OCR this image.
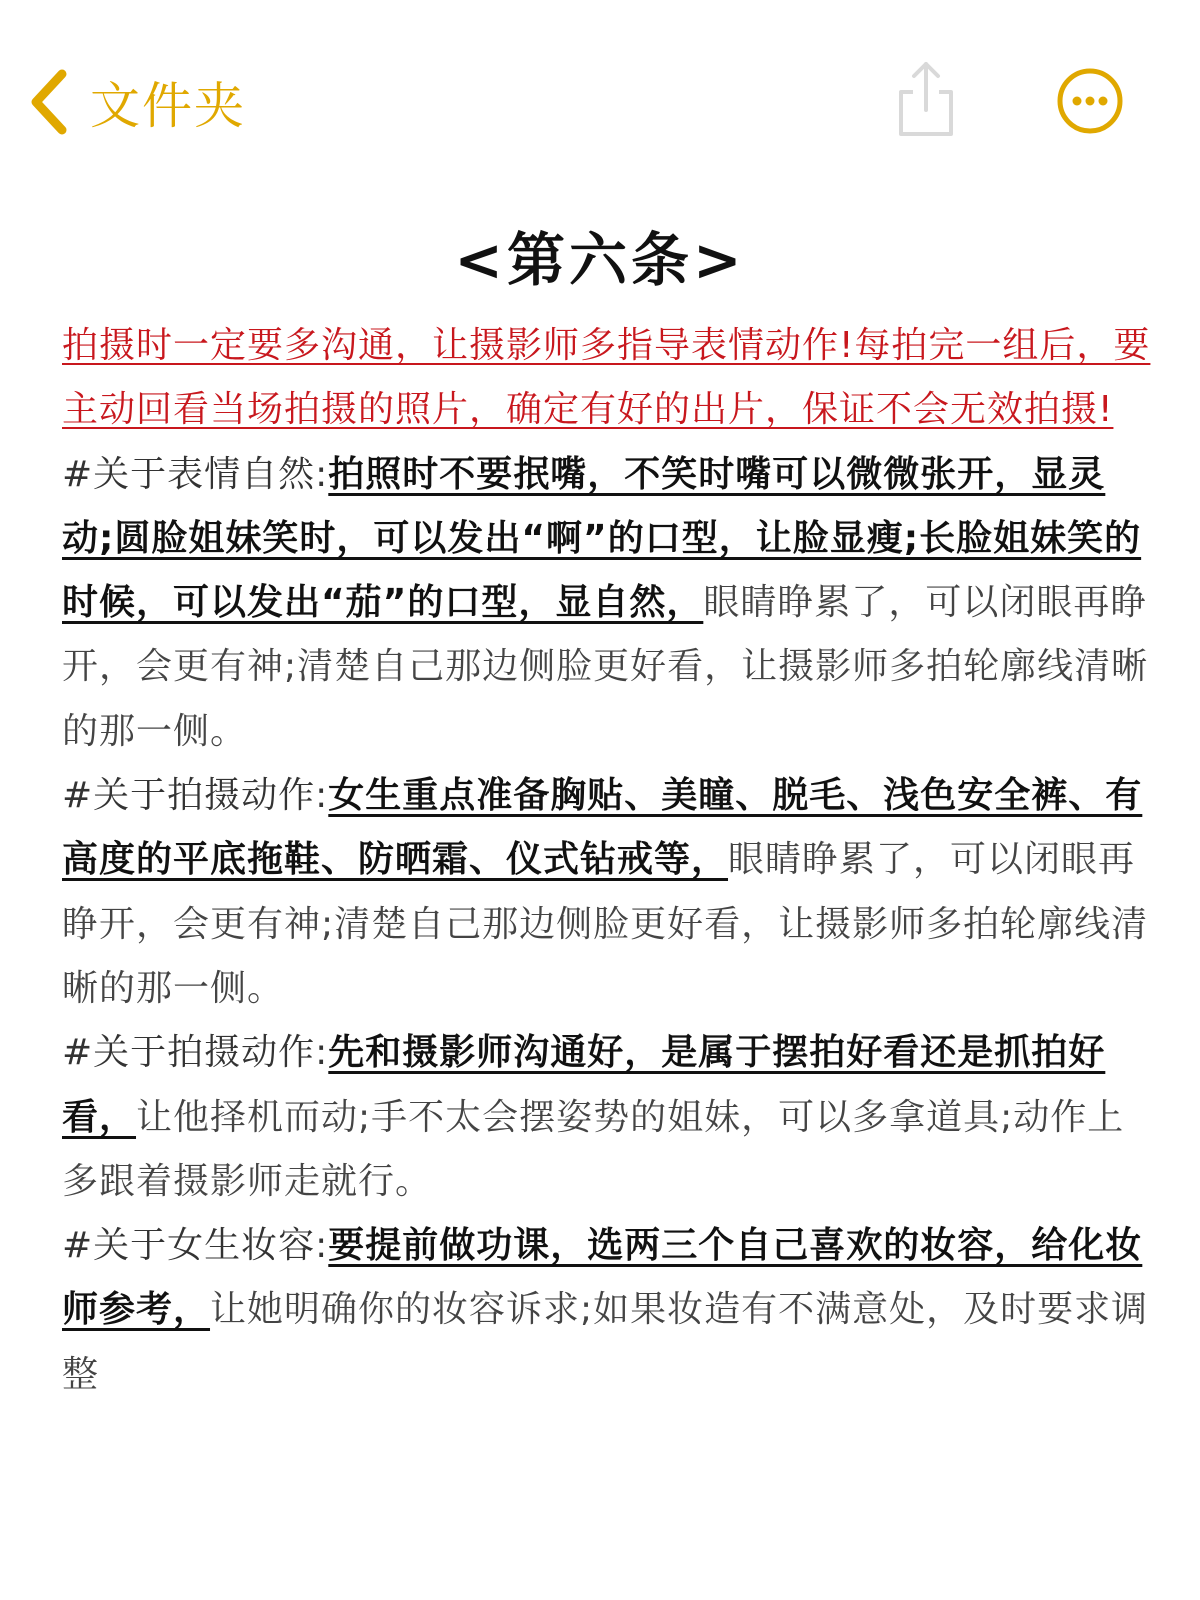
文件夹
<第六条>

拍摄时一定要多沟通，让摄影师多指导表情动作!每拍完一组后，要主动回看当场拍摄的照片，确定有好的出片，保证不会无效拍摄!

#关于表情自然:拍照时不要抿嘴，不笑时嘴可以微微张开，显灵动;圆脸姐妹笑时，可以发出“啊”的口型，让脸显瘦;长脸姐妹笑的时候，可以发出“茄”的口型，显自然，眼睛睁累了，可以闭眼再睁开，会更有神;清楚自己那边侧脸更好看，让摄影师多拍轮廓线清晰的那一侧。

#关于拍摄动作:女生重点准备胸贴、美瞳、脱毛、浅色安全裤、有高度的平底拖鞋、防晒霜、仪式钻戒等，眼睛睁累了，可以闭眼再睁开，会更有神;清楚自己那边侧脸更好看，让摄影师多拍轮廓线清晰的那一侧。

#关于拍摄动作:先和摄影师沟通好，是属于摆拍好看还是抓拍好看，让他择机而动;手不太会摆姿势的姐妹，可以多拿道具;动作上多跟着摄影师走就行。

#关于女生妆容:要提前做功课，选两三个自己喜欢的妆容，给化妆师参考，让她明确你的妆容诉求;如果妆造有不满意处，及时要求调整
